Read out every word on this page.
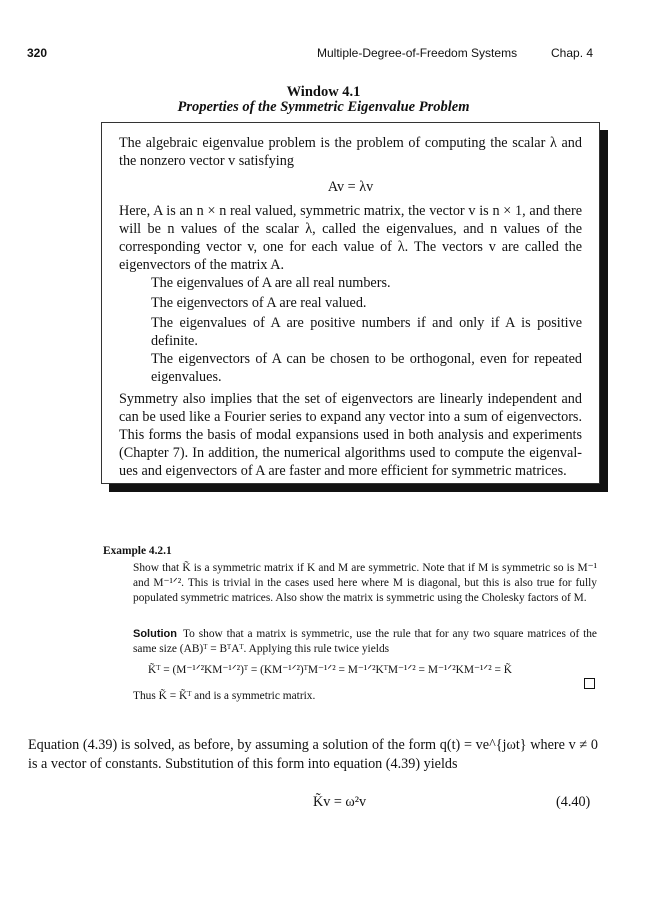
320	Multiple-Degree-of-Freedom Systems	Chap. 4
Window 4.1
Properties of the Symmetric Eigenvalue Problem

The algebraic eigenvalue problem is the problem of computing the scalar λ and the nonzero vector v satisfying

Av = λv

Here, A is an n × n real valued, symmetric matrix, the vector v is n × 1, and there will be n values of the scalar λ, called the eigenvalues, and n values of the corresponding vector v, one for each value of λ. The vectors v are called the eigenvectors of the matrix A.

The eigenvalues of A are all real numbers.

The eigenvectors of A are real valued.

The eigenvalues of A are positive numbers if and only if A is positive definite.

The eigenvectors of A can be chosen to be orthogonal, even for repeated eigenvalues.

Symmetry also implies that the set of eigenvectors are linearly independent and can be used like a Fourier series to expand any vector into a sum of eigenvectors. This forms the basis of modal expansions used in both analysis and experiments (Chapter 7). In addition, the numerical algorithms used to compute the eigenval-ues and eigenvectors of A are faster and more efficient for symmetric matrices.

Example 4.2.1

Show that K̃ is a symmetric matrix if K and M are symmetric. Note that if M is symmetric so is M⁻¹ and M⁻¹ᐟ². This is trivial in the cases used here where M is diagonal, but this is also true for fully populated symmetric matrices. Also show the matrix is symmetric using the Cholesky factors of M.

Solution To show that a matrix is symmetric, use the rule that for any two square matrices of the same size (AB)ᵀ = BᵀAᵀ. Applying this rule twice yields

K̃ᵀ = (M⁻¹ᐟ²KM⁻¹ᐟ²)ᵀ = (KM⁻¹ᐟ²)ᵀM⁻¹ᐟ² = M⁻¹ᐟ²KᵀM⁻¹ᐟ² = M⁻¹ᐟ²KM⁻¹ᐟ² = K̃

Thus K̃ = K̃ᵀ and is a symmetric matrix.

Equation (4.39) is solved, as before, by assuming a solution of the form q(t) = ve^{jωt} where v ≠ 0 is a vector of constants. Substitution of this form into equation (4.39) yields

K̃v = ω²v	(4.40)
